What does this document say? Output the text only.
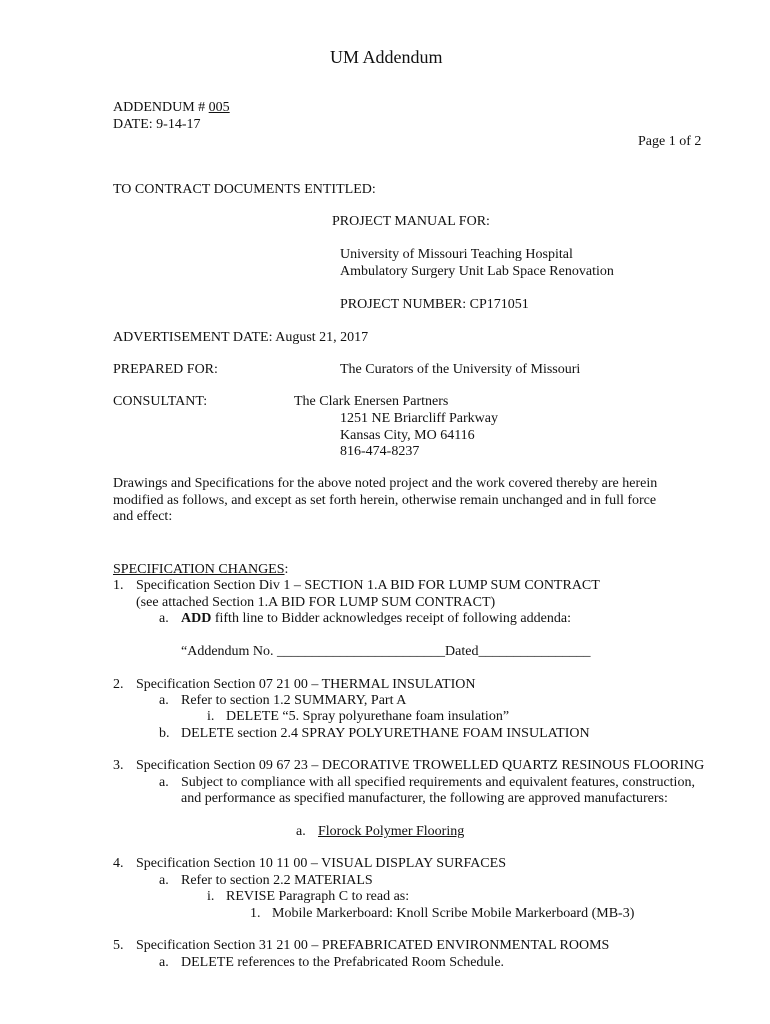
UM Addendum
ADDENDUM # 005
DATE: 9-14-17
Page 1 of 2
TO CONTRACT DOCUMENTS ENTITLED:
PROJECT MANUAL FOR:
University of Missouri Teaching Hospital
Ambulatory Surgery Unit Lab Space Renovation
PROJECT NUMBER: CP171051
ADVERTISEMENT DATE: August 21, 2017
PREPARED FOR:	The Curators of the University of Missouri
CONSULTANT:	The Clark Enersen Partners
1251 NE Briarcliff Parkway
Kansas City, MO 64116
816-474-8237
Drawings and Specifications for the above noted project and the work covered thereby are herein
modified as follows, and except as set forth herein, otherwise remain unchanged and in full force
and effect:
SPECIFICATION CHANGES:
1. Specification Section Div 1 – SECTION 1.A BID FOR LUMP SUM CONTRACT
(see attached Section 1.A BID FOR LUMP SUM CONTRACT)
a. ADD fifth line to Bidder acknowledges receipt of following addenda:
“Addendum No. ________________________Dated________________
2. Specification Section 07 21 00 – THERMAL INSULATION
a. Refer to section 1.2 SUMMARY, Part A
i. DELETE “5. Spray polyurethane foam insulation”
b. DELETE section 2.4 SPRAY POLYURETHANE FOAM INSULATION
3. Specification Section 09 67 23 – DECORATIVE TROWELLED QUARTZ RESINOUS FLOORING
a. Subject to compliance with all specified requirements and equivalent features, construction,
and performance as specified manufacturer, the following are approved manufacturers:
a. Florock Polymer Flooring
4. Specification Section 10 11 00 – VISUAL DISPLAY SURFACES
a. Refer to section 2.2 MATERIALS
i. REVISE Paragraph C to read as:
1. Mobile Markerboard: Knoll Scribe Mobile Markerboard (MB-3)
5. Specification Section 31 21 00 – PREFABRICATED ENVIRONMENTAL ROOMS
a. DELETE references to the Prefabricated Room Schedule.
